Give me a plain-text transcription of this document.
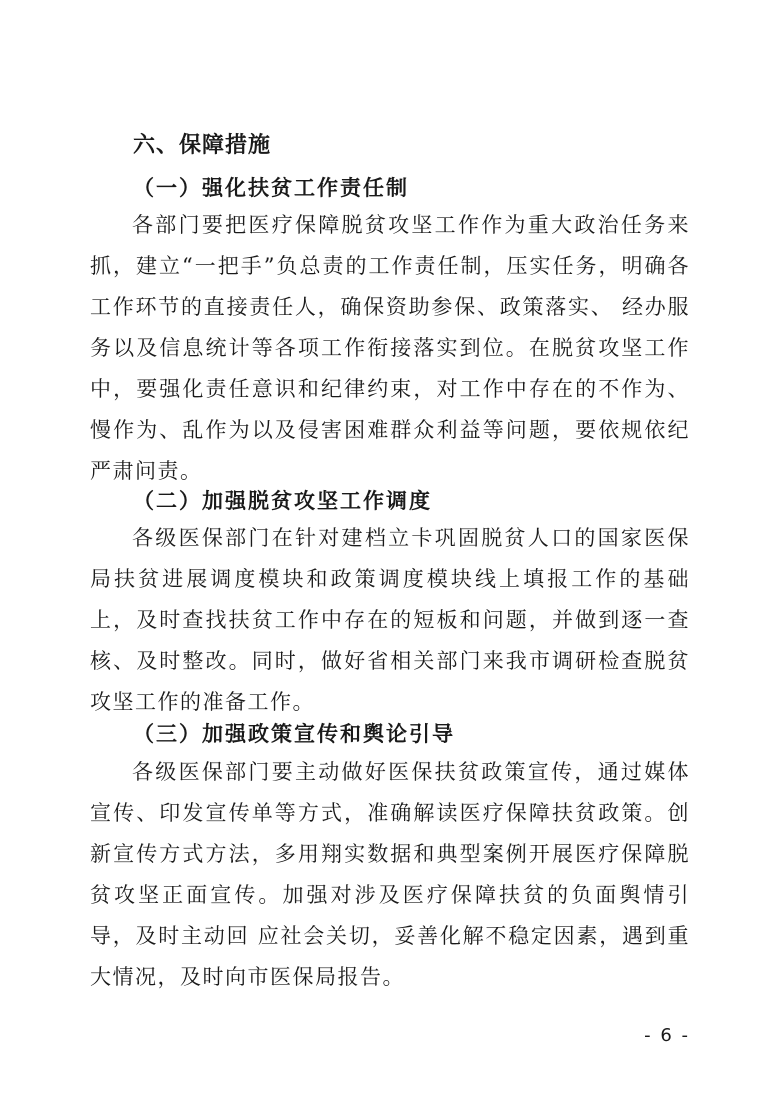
六、保障措施
（一）强化扶贫工作责任制

各部门要把医疗保障脱贫攻坚工作作为重大政治任务来抓，建立“一把手”负总责的工作责任制，压实任务，明确各工作环节的直接责任人，确保资助参保、政策落实、 经办服务以及信息统计等各项工作衔接落实到位。在脱贫攻坚工作中，要强化责任意识和纪律约束，对工作中存在的不作为、慢作为、乱作为以及侵害困难群众利益等问题，要依规依纪严肃问责。

（二）加强脱贫攻坚工作调度

各级医保部门在针对建档立卡巩固脱贫人口的国家医保局扶贫进展调度模块和政策调度模块线上填报工作的基础上，及时查找扶贫工作中存在的短板和问题，并做到逐一查核、及时整改。同时，做好省相关部门来我市调研检查脱贫攻坚工作的准备工作。

（三）加强政策宣传和舆论引导

各级医保部门要主动做好医保扶贫政策宣传，通过媒体宣传、印发宣传单等方式，准确解读医疗保障扶贫政策。创新宣传方式方法，多用翔实数据和典型案例开展医疗保障脱贫攻坚正面宣传。加强对涉及医疗保障扶贫的负面舆情引导，及时主动回 应社会关切，妥善化解不稳定因素，遇到重大情况，及时向市医保局报告。

- 6 -
